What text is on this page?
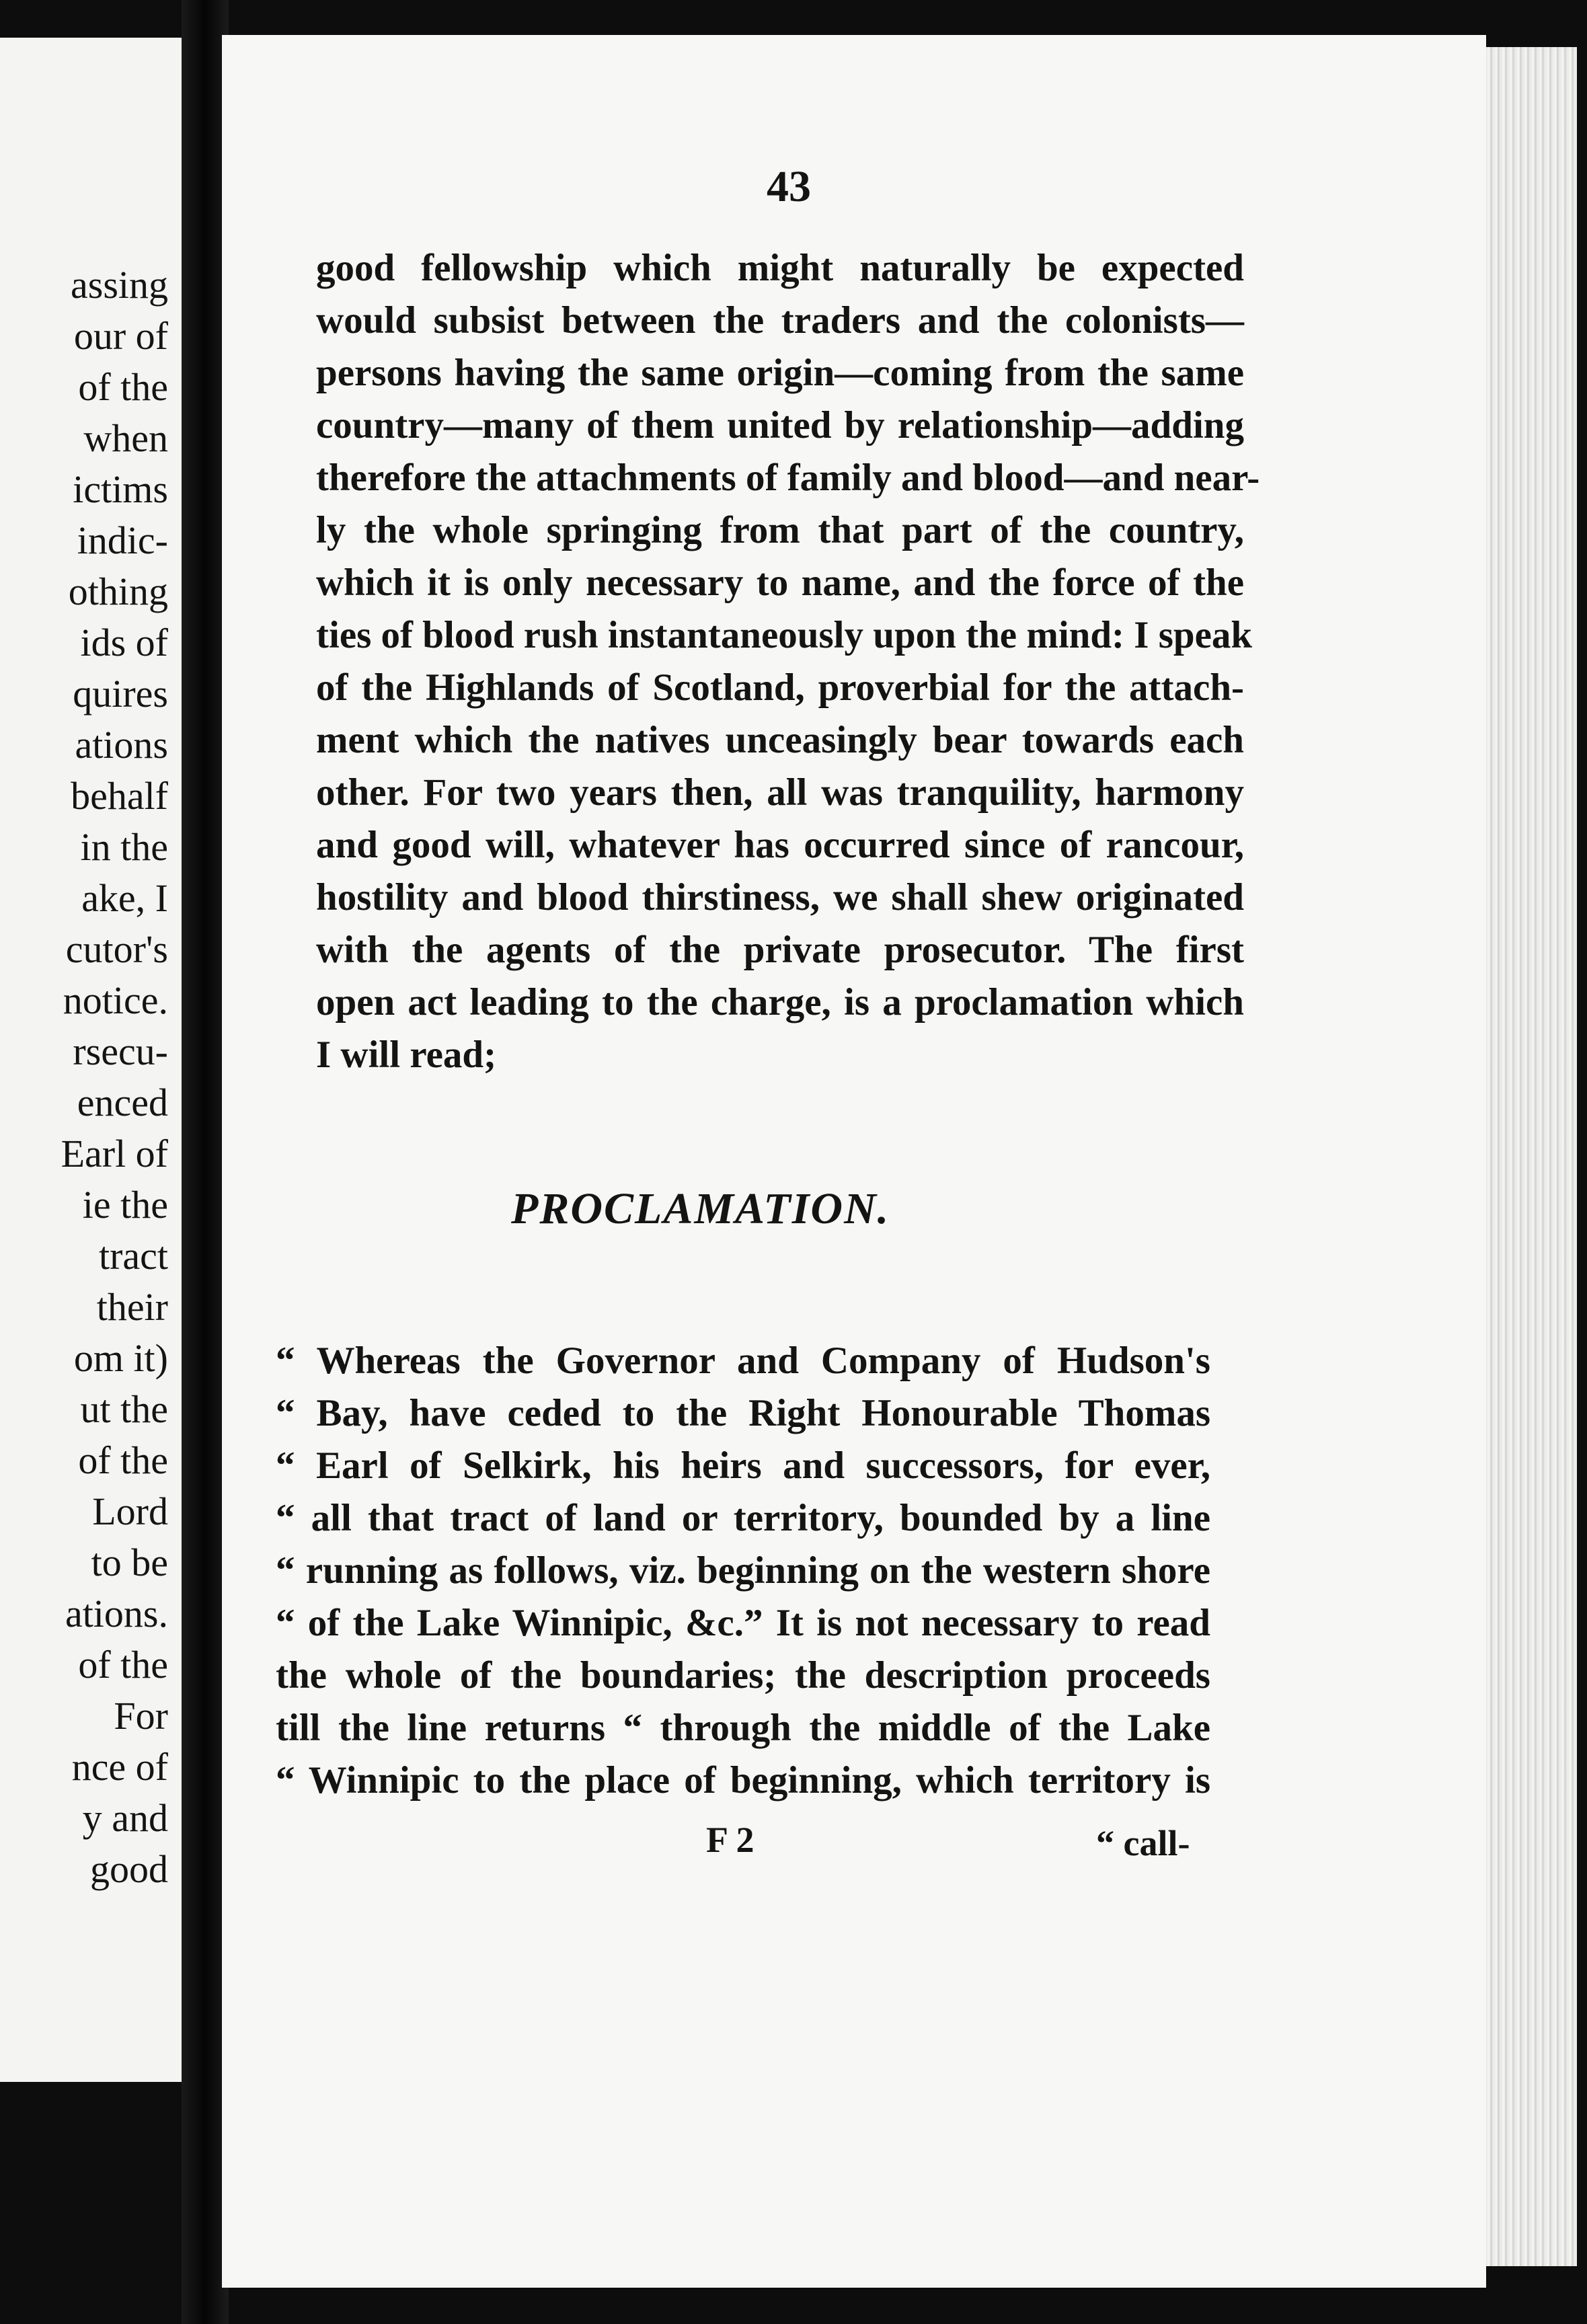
assing
our of
of the
when
ictims
indic-
othing
ids of
quires
ations
behalf
in the
ake, I
cutor's
notice.
rsecu-
enced
Earl of
ie the
tract
their
om it)
ut the
of the
Lord
to be
ations.
of the
For
nce of
y and
good
43
good fellowship which might naturally be expected
would subsist between the traders and the colonists—
persons having the same origin—coming from the same
country—many of them united by relationship—adding
therefore the attachments of family and blood—and near-
ly the whole springing from that part of the country,
which it is only necessary to name, and the force of the
ties of blood rush instantaneously upon the mind: I speak
of the Highlands of Scotland, proverbial for the attach-
ment which the natives unceasingly bear towards each
other. For two years then, all was tranquility, harmony
and good will, whatever has occurred since of rancour,
hostility and blood thirstiness, we shall shew originated
with the agents of the private prosecutor. The first
open act leading to the charge, is a proclamation which
I will read;
PROCLAMATION.
“ Whereas the Governor and Company of Hudson's
“ Bay, have ceded to the Right Honourable Thomas
“ Earl of Selkirk, his heirs and successors, for ever,
“ all that tract of land or territory, bounded by a line
“ running as follows, viz. beginning on the western shore
“ of the Lake Winnipic, &c.” It is not necessary to read
the whole of the boundaries; the description proceeds
till the line returns “ through the middle of the Lake
“ Winnipic to the place of beginning, which territory is
F 2	“ call-
